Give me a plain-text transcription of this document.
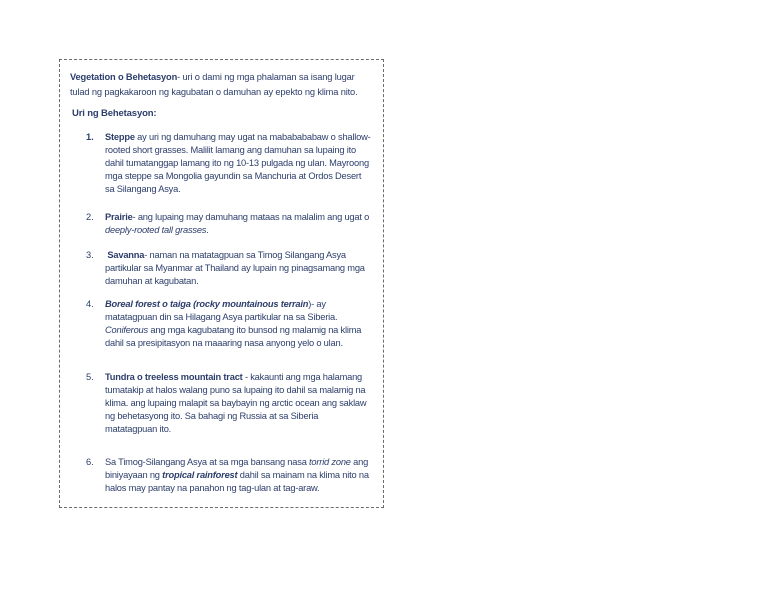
Vegetation o Behetasyon- uri o dami ng mga phalaman sa isang lugar
tulad ng pagkakaroon ng kagubatan o damuhan ay epekto ng klima nito.
Uri ng Behetasyon:
1. Steppe ay uri ng damuhang may ugat na mababababaw o shallow-
rooted short grasses. Malilit lamang ang damuhan sa lupaing ito
dahil tumatanggap lamang ito ng 10-13 pulgada ng ulan. Mayroong
mga steppe sa Mongolia gayundin sa Manchuria at Ordos Desert
sa Silangang Asya.
2. Prairie- ang lupaing may damuhang mataas na malalim ang ugat o
deeply-rooted tall grasses.
3. Savanna- naman na matatagpuan sa Timog Silangang Asya
partikular sa Myanmar at Thailand ay lupain ng pinagsamang mga
damuhan at kagubatan.
4. Boreal forest o taiga (rocky mountainous terrain)- ay
matatagpuan din sa Hilagang Asya partikular na sa Siberia.
Coniferous ang mga kagubatang ito bunsod ng malamig na klima
dahil sa presipitasyon na maaaring nasa anyong yelo o ulan.
5. Tundra o treeless mountain tract - kakaunti ang mga halamang
tumatakip at halos walang puno sa lupaing ito dahil sa malamig na
klima. ang lupaing malapit sa baybayin ng arctic ocean ang saklaw
ng behetasyong ito. Sa bahagi ng Russia at sa Siberia
matatagpuan ito.
6. Sa Timog-Silangang Asya at sa mga bansang nasa torrid zone ang
biniyayaan ng tropical rainforest dahil sa mainam na klima nito na
halos may pantay na panahon ng tag-ulan at tag-araw.
